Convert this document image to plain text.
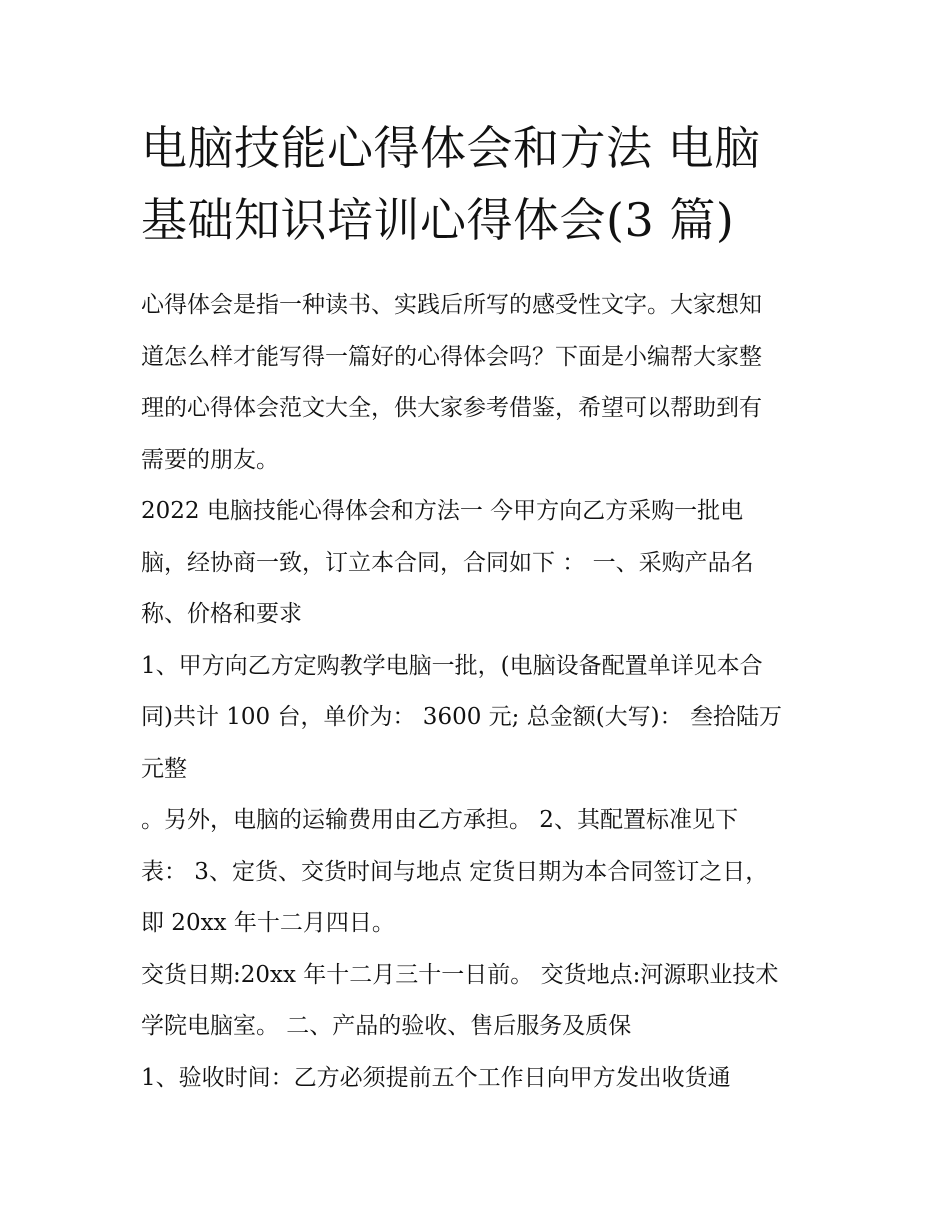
电脑技能心得体会和方法 电脑
基础知识培训心得体会(3 篇)
心得体会是指一种读书、实践后所写的感受性文字。大家想知
道怎么样才能写得一篇好的心得体会吗？下面是小编帮大家整
理的心得体会范文大全，供大家参考借鉴，希望可以帮助到有
需要的朋友。
2022 电脑技能心得体会和方法一 今甲方向乙方采购一批电
脑，经协商一致，订立本合同，合同如下 ： 一、采购产品名
称、价格和要求
1、甲方向乙方定购教学电脑一批，(电脑设备配置单详见本合
同)共计 100 台，单价为： 3600 元; 总金额(大写)： 叁拾陆万
元整
。另外，电脑的运输费用由乙方承担。 2、其配置标准见下
表： 3、定货、交货时间与地点 定货日期为本合同签订之日，
即 20xx 年十二月四日。
交货日期:20xx 年十二月三十一日前。 交货地点:河源职业技术
学院电脑室。 二、产品的验收、售后服务及质保
1、验收时间：乙方必须提前五个工作日向甲方发出收货通
